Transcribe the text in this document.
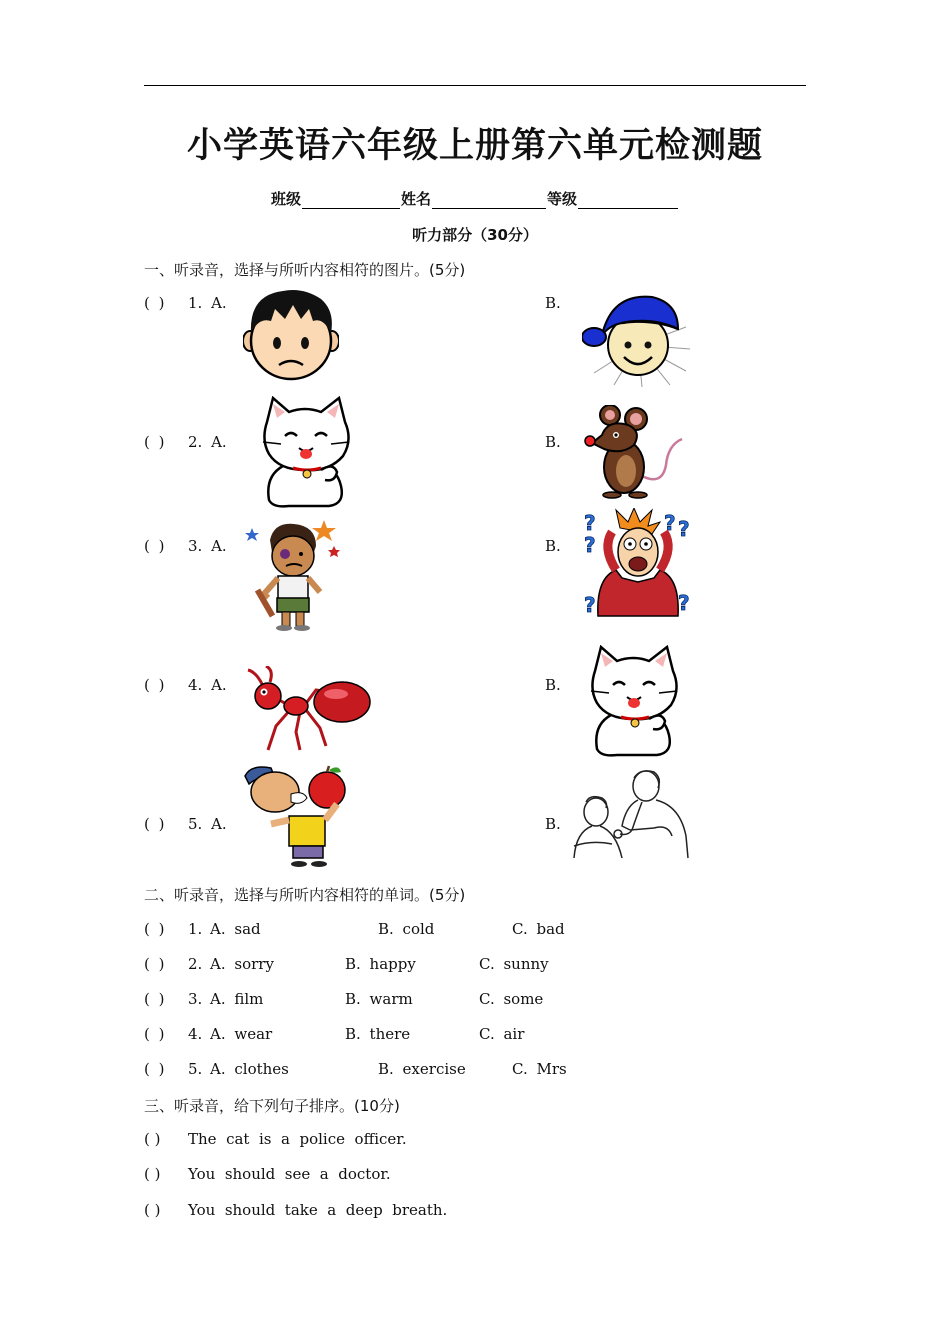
小学英语六年级上册第六单元检测题
班级	姓名	等级
听力部分（30分）
一、听录音，选择与所听内容相符的图片。(5分)
( ) 1. A.	B.
( ) 2. A.	B.
( ) 3. A.	B.
( ) 4. A.	B.
( ) 5. A.	B.
?
?
? ?
?	?
二、听录音，选择与所听内容相符的单词。(5分)
( ) 1. A. sad	B. cold	C. bad
( ) 2. A. sorry	B. happy	C. sunny
( ) 3. A. film	B. warm	C. some
( ) 4. A. wear	B. there	C. air
( ) 5. A. clothes	B. exercise	C. Mrs
三、听录音，给下列句子排序。(10分)
( ) The  cat  is  a  police  officer.
( ) You  should  see  a  doctor.
( ) You  should  take  a  deep  breath.
